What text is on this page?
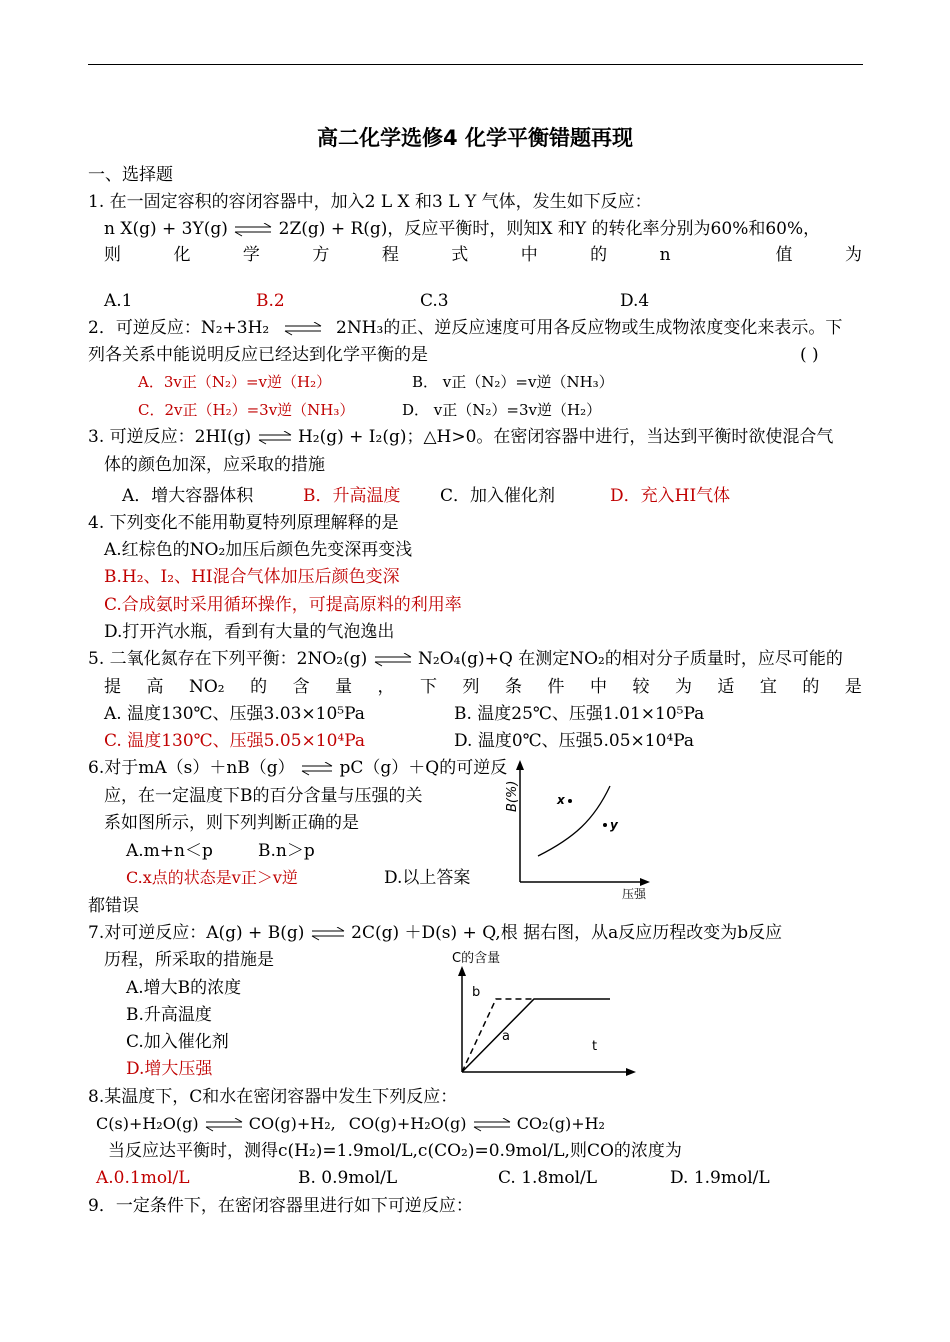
高二化学选修4 化学平衡错题再现
一、选择题
1. 在一固定容积的容闭容器中，加入2 L X 和3 L Y 气体，发生如下反应：
n X(g) + 3Y(g) ⇌ 2Z(g) + R(g)，反应平衡时，则知X 和Y 的转化率分别为60%和60%，
则	化	学	方	程	式	中	的	n	值	为
A.1	B.2	C.3	D.4
2．可逆反应：N₂+3H₂ ⇌ 2NH₃的正、逆反应速度可用各反应物或生成物浓度变化来表示。下
列各关系中能说明反应已经达到化学平衡的是	( )
A．3v正（N₂）=v逆（H₂）	B． v正（N₂）=v逆（NH₃）
C．2v正（H₂）=3v逆（NH₃）	D． v正（N₂）=3v逆（H₂）
3. 可逆反应：2HI(g) ⇌ H₂(g) + I₂(g)；△H>0。在密闭容器中进行，当达到平衡时欲使混合气
体的颜色加深，应采取的措施
A．增大容器体积	B．升高温度 C．加入催化剂	D．充入HI气体
4. 下列变化不能用勒夏特列原理解释的是
A.红棕色的NO₂加压后颜色先变深再变浅
B.H₂、I₂、HI混合气体加压后颜色变深
C.合成氨时采用循环操作，可提高原料的利用率
D.打开汽水瓶，看到有大量的气泡逸出
5. 二氧化氮存在下列平衡：2NO₂(g) ⇌ N₂O₄(g)+Q 在测定NO₂的相对分子质量时，应尽可能的
提 高 NO₂ 的 含 量 ， 下 列 条 件 中 较 为 适 宜 的 是
A. 温度130℃、压强3.03×10⁵Pa	B. 温度25℃、压强1.01×10⁵Pa
C. 温度130℃、压强5.05×10⁴Pa	D. 温度0℃、压强5.05×10⁴Pa
6.对于mA（s）＋nB（g） ⇌ pC（g）＋Q的可逆反
应，在一定温度下B的百分含量与压强的关
系如图所示，则下列判断正确的是
A.m+n＜p	B.n＞p
C.x点的状态是v正＞v逆	D.以上答案
都错误
B(%)
压强
x
y
7.对可逆反应：A(g) + B(g) ⇌ 2C(g) ＋D(s) + Q,根 据右图，从a反应历程改变为b反应
历程，所采取的措施是
A.增大B的浓度
B.升高温度
C.加入催化剂
D.增大压强
C的含量
b
a
t
8.某温度下，C和水在密闭容器中发生下列反应：
C(s)+H₂O(g) ⇌ CO(g)+H₂, CO(g)+H₂O(g) ⇌ CO₂(g)+H₂
当反应达平衡时，测得c(H₂)=1.9mol/L,c(CO₂)=0.9mol/L,则CO的浓度为
A.0.1mol/L	B. 0.9mol/L	C. 1.8mol/L	D. 1.9mol/L
9．一定条件下，在密闭容器里进行如下可逆反应：
